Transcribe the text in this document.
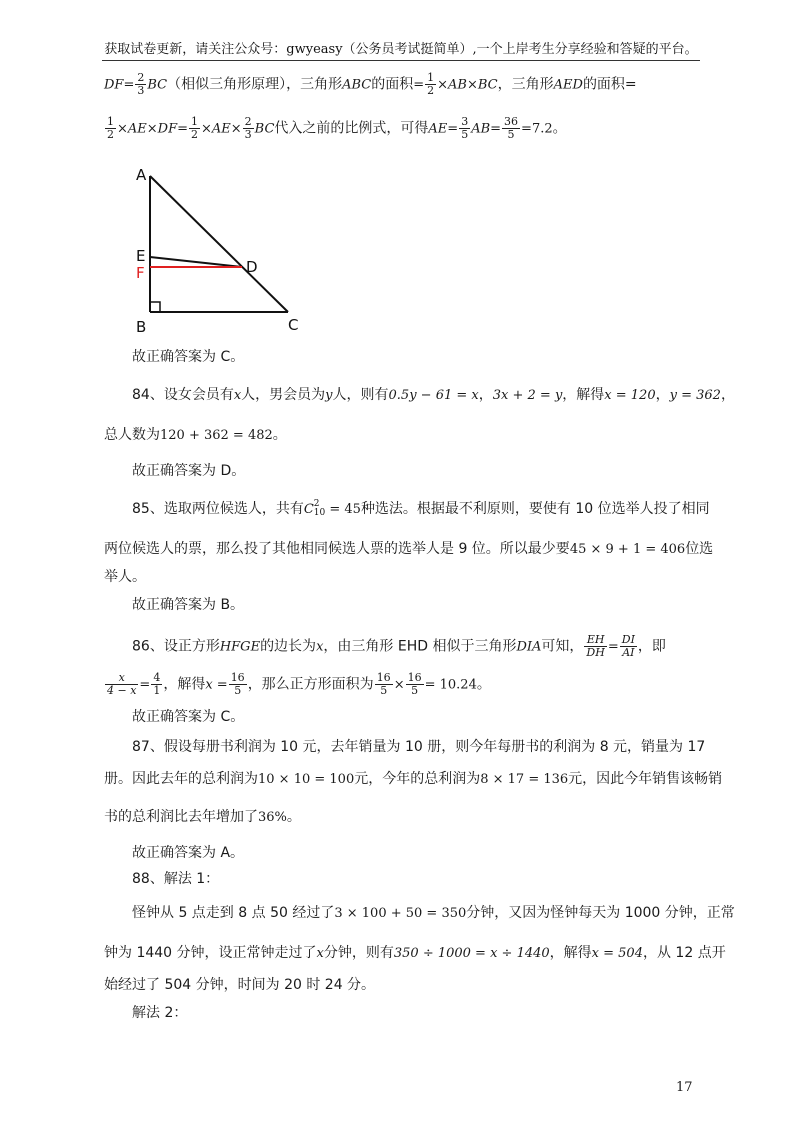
获取试卷更新，请关注公众号：gwyeasy（公务员考试挺简单）,一个上岸考生分享经验和答疑的平台。
$DF= \frac{2}{3} BC$（相似三角形原理），三角形ABC的面积= $\frac{1}{2} \times AB\times BC$，三角形AED的面积=
$\frac{1}{2} \times AE\times DF= \frac{1}{2} \times AE\times \frac{2}{3}$ BC代入之前的比例式，可得$AE= \frac{3}{5} AB= \frac{36}{5} =7.2$。
A
E
F	D
B	C
故正确答案为 C。
84、设女会员有x人，男会员为y人，则有0.5y − 61 = x，3x + 2 = y，解得x = 120，y = 362，
总人数为120 + 362 = 482。
故正确答案为 D。
85、选取两位候选人，共有C 2
10 = 45种选法。根据最不利原则，要使有 10 位选举人投了相同
两位候选人的票，那么投了其他相同候选人票的选举人是 9 位。所以最少要45 × 9 + 1 = 406位选
举人。
故正确答案为 B。
86、设正方形HFGE的边长为x，由三角形 EHD 相似于三角形DIA可知， $\frac{EH}{DH} = \frac{DI}{AI}$ ，即
$\frac{x}{4 - x} = \frac{4}{1}$ ，解得$x = \frac{16}{5}$ ，那么正方形面积为 $\frac{16}{5} \times \frac{16}{5} = 10.24$。
故正确答案为 C。
87、假设每册书利润为 10 元，去年销量为 10 册，则今年每册书的利润为 8 元，销量为 17
册。因此去年的总利润为10 × 10 = 100元，今年的总利润为8 × 17 = 136元，因此今年销售该畅销
书的总利润比去年增加了36%。
故正确答案为 A。
88、解法 1：
怪钟从 5 点走到 8 点 50 经过了3 × 100 + 50 = 350分钟，又因为怪钟每天为 1000 分钟，正常
钟为 1440 分钟，设正常钟走过了x分钟，则有350 ÷ 1000 = x ÷ 1440，解得x = 504，从 12 点开
始经过了 504 分钟，时间为 20 时 24 分。
解法 2：
17
